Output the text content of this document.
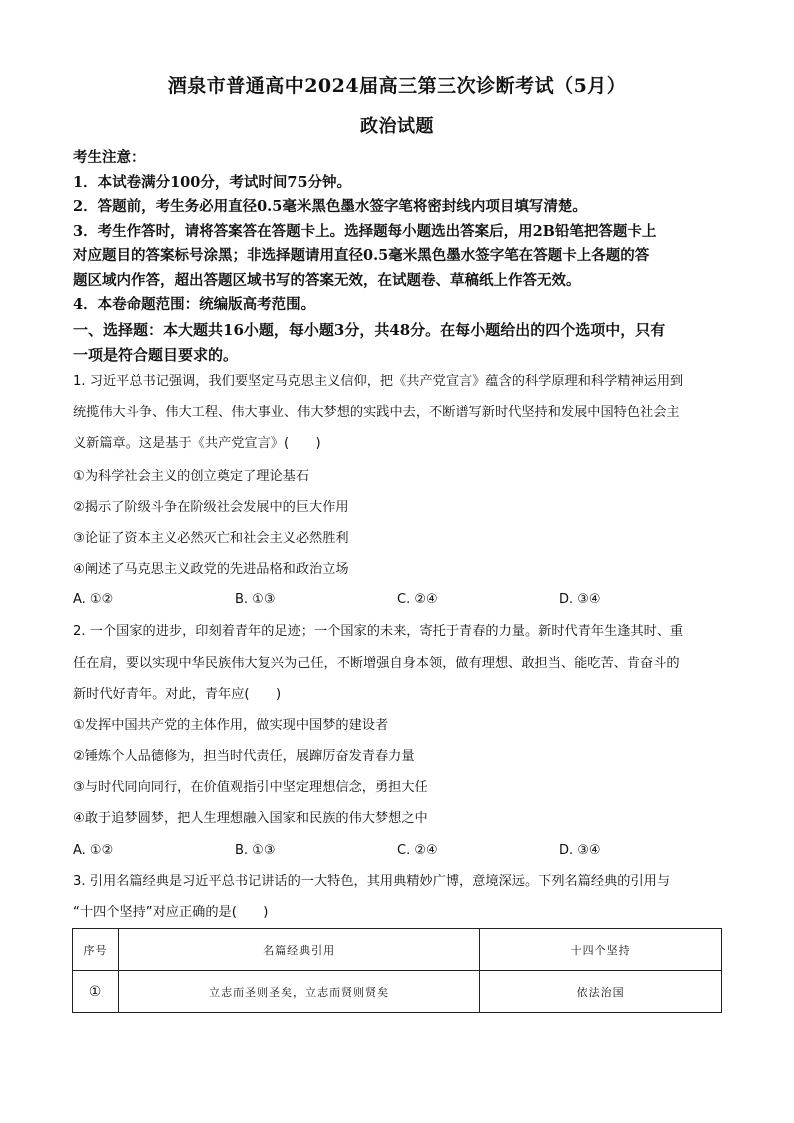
酒泉市普通高中2024届高三第三次诊断考试（5月）
政治试题
考生注意：
1．本试卷满分100分，考试时间75分钟。
2．答题前，考生务必用直径0.5毫米黑色墨水签字笔将密封线内项目填写清楚。
3．考生作答时，请将答案答在答题卡上。选择题每小题选出答案后，用2B铅笔把答题卡上
对应题目的答案标号涂黑；非选择题请用直径0.5毫米黑色墨水签字笔在答题卡上各题的答
题区域内作答，超出答题区域书写的答案无效，在试题卷、草稿纸上作答无效。
4．本卷命题范围：统编版高考范围。
一、选择题：本大题共16小题，每小题3分，共48分。在每小题给出的四个选项中，只有
一项是符合题目要求的。
1. 习近平总书记强调，我们要坚定马克思主义信仰，把《共产党宣言》蕴含的科学原理和科学精神运用到
统揽伟大斗争、伟大工程、伟大事业、伟大梦想的实践中去，不断谱写新时代坚持和发展中国特色社会主
义新篇章。这是基于《共产党宣言》(　　)
①为科学社会主义的创立奠定了理论基石
②揭示了阶级斗争在阶级社会发展中的巨大作用
③论证了资本主义必然灭亡和社会主义必然胜利
④阐述了马克思主义政党的先进品格和政治立场
A. ①②	B. ①③	C. ②④	D. ③④
2. 一个国家的进步，印刻着青年的足迹；一个国家的未来，寄托于青春的力量。新时代青年生逢其时、重
任在肩，要以实现中华民族伟大复兴为己任，不断增强自身本领，做有理想、敢担当、能吃苦、肯奋斗的
新时代好青年。对此，青年应(　　)
①发挥中国共产党的主体作用，做实现中国梦的建设者
②锤炼个人品德修为，担当时代责任，展蹿厉奋发青春力量
③与时代同向同行，在价值观指引中坚定理想信念，勇担大任
④敢于追梦圆梦，把人生理想融入国家和民族的伟大梦想之中
A. ①②	B. ①③	C. ②④	D. ③④
3. 引用名篇经典是习近平总书记讲话的一大特色，其用典精妙广博，意境深远。下列名篇经典的引用与
“十四个坚持”对应正确的是(　　)
序号	名篇经典引用	十四个坚持
①	立志而圣则圣矣，立志而贤则贤矣	依法治国
